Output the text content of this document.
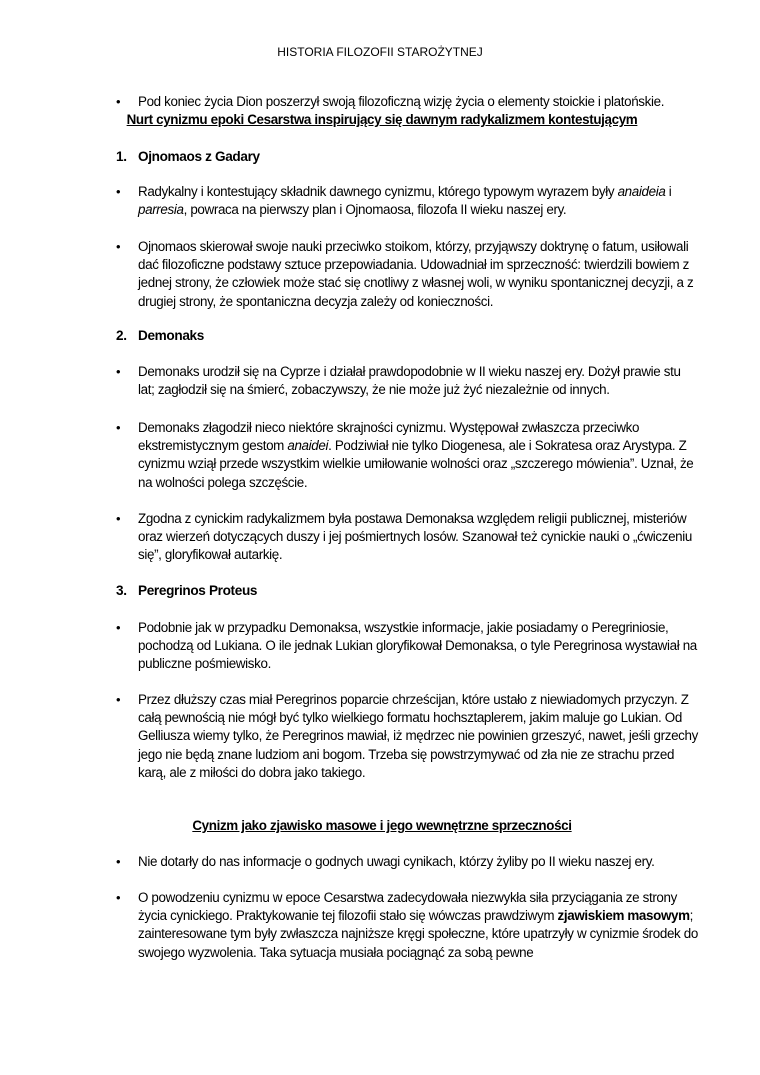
HISTORIA FILOZOFII STAROŻYTNEJ
• Pod koniec życia Dion poszerzył swoją filozoficzną wizję życia o elementy stoickie i platońskie.
Nurt cynizmu epoki Cesarstwa inspirujący się dawnym radykalizmem kontestującym
1. Ojnomaos z Gadary
• Radykalny i kontestujący składnik dawnego cynizmu, którego typowym wyrazem były anaideia i parresia, powraca na pierwszy plan i Ojnomaosa, filozofa II wieku naszej ery.
• Ojnomaos skierował swoje nauki przeciwko stoikom, którzy, przyjąwszy doktrynę o fatum, usiłowali dać filozoficzne podstawy sztuce przepowiadania. Udowadniał im sprzeczność: twierdzili bowiem z jednej strony, że człowiek może stać się cnotliwy z własnej woli, w wyniku spontanicznej decyzji, a z drugiej strony, że spontaniczna decyzja zależy od konieczności.
2. Demonaks
• Demonaks urodził się na Cyprze i działał prawdopodobnie w II wieku naszej ery. Dożył prawie stu lat; zagłodził się na śmierć, zobaczywszy, że nie może już żyć niezależnie od innych.
• Demonaks złagodził nieco niektóre skrajności cynizmu. Występował zwłaszcza przeciwko ekstremistycznym gestom anaidei. Podziwiał nie tylko Diogenesa, ale i Sokratesa oraz Arystypa. Z cynizmu wziął przede wszystkim wielkie umiłowanie wolności oraz „szczerego mówienia”. Uznał, że na wolności polega szczęście.
• Zgodna z cynickim radykalizmem była postawa Demonaksa względem religii publicznej, misteriów oraz wierzeń dotyczących duszy i jej pośmiertnych losów. Szanował też cynickie nauki o „ćwiczeniu się”, gloryfikował autarkię.
3. Peregrinos Proteus
• Podobnie jak w przypadku Demonaksa, wszystkie informacje, jakie posiadamy o Peregriniosie, pochodzą od Lukiana. O ile jednak Lukian gloryfikował Demonaksa, o tyle Peregrinosa wystawiał na publiczne pośmiewisko.
• Przez dłuższy czas miał Peregrinos poparcie chrześcijan, które ustało z niewiadomych przyczyn. Z całą pewnością nie mógł być tylko wielkiego formatu hochsztaplerem, jakim maluje go Lukian. Od Gelliusza wiemy tylko, że Peregrinos mawiał, iż mędrzec nie powinien grzeszyć, nawet, jeśli grzechy jego nie będą znane ludziom ani bogom. Trzeba się powstrzymywać od zła nie ze strachu przed karą, ale z miłości do dobra jako takiego.
Cynizm jako zjawisko masowe i jego wewnętrzne sprzeczności
• Nie dotarły do nas informacje o godnych uwagi cynikach, którzy żyliby po II wieku naszej ery.
• O powodzeniu cynizmu w epoce Cesarstwa zadecydowała niezwykła siła przyciągania ze strony życia cynickiego. Praktykowanie tej filozofii stało się wówczas prawdziwym zjawiskiem masowym; zainteresowane tym były zwłaszcza najniższe kręgi społeczne, które upatrzyły w cynizmie środek do swojego wyzwolenia. Taka sytuacja musiała pociągnąć za sobą pewne
